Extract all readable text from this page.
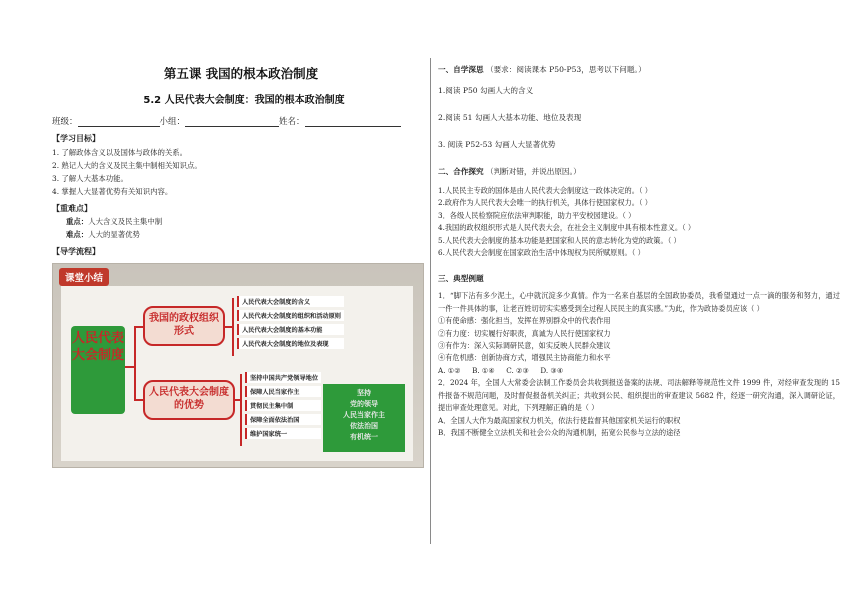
第五课 我国的根本政治制度
5.2 人民代表大会制度：我国的根本政治制度
班级：	小组：	姓名：
【学习目标】
1. 了解政体含义以及国体与政体的关系。
2. 熟记人大的含义及民主集中制相关知识点。
3. 了解人大基本功能。
4. 掌握人大显著优势有关知识内容。
【重难点】
重点：人大含义及民主集中制
难点：人大的显著优势
【导学流程】
课堂小结
人民代表大会制度
我国的政权组织形式
人民代表大会制度的优势
人民代表大会制度的含义
人民代表大会制度的组织和活动原则
人民代表大会制度的基本功能
人民代表大会制度的地位及表现
坚持中国共产党领导地位
保障人民当家作主
贯彻民主集中制
保障全面依法治国
维护国家统一
坚持
党的领导
人民当家作主
依法治国
有机统一
一、自学深思 （要求：阅读课本 P50-P53，思考以下问题。）
1.阅读 P50 勾画人大的含义
2.阅读 51 勾画人大基本功能、地位及表现
3. 阅读 P52-53 勾画人大显著优势
二、合作探究 （判断对错，并说出原因。）
1.人民民主专政的国体是由人民代表大会制度这一政体决定的。（ ）
2.政府作为人民代表大会唯一的执行机关，具体行使国家权力。（ ）
3．各级人民检察院应依法审判职能，助力平安校园建设。（ ）
4.我国的政权组织形式是人民代表大会，在社会主义制度中具有根本性意义。（ ）
5.人民代表大会制度的基本功能是把国家和人民的意志转化为党的政策。（ ）
6.人民代表大会制度在国家政治生活中体现权为民所赋原则。（ ）
三、典型例题
1．“脚下沾有多少泥土，心中就沉淀多少真情。作为一名来自基层的全国政协委员，我希望通过一点一滴的服务和努力，通过一件一件具体的事，让老百姓切切实实感受到全过程人民民主的真实感。”为此，作为政协委员应该（ ）
①有使命感：强化担当，发挥在界别群众中的代表作用
②有力度：切实履行好职责，真诚为人民行使国家权力
③有作为：深入实际调研民意，如实反映人民群众建议
④有危机感：创新协商方式，增强民主协商能力和水平
A. ①②     B. ①④     C. ②③     D. ③④
2．2024 年，全国人大常委会法制工作委员会共收到报送备案的法规、司法解释等规范性文件 1999 件，对经审查发现的 15 件报备不规范问题，及时督促报备机关纠正；共收到公民、组织提出的审查建议 5682 件，经逐一研究沟通，深入调研论证，提出审查处理意见。对此，下列理解正确的是（ ）
A．全国人大作为最高国家权力机关，依法行使监督其他国家机关运行的职权
B．我国不断健全立法机关和社会公众的沟通机制，拓宽公民参与立法的途径
